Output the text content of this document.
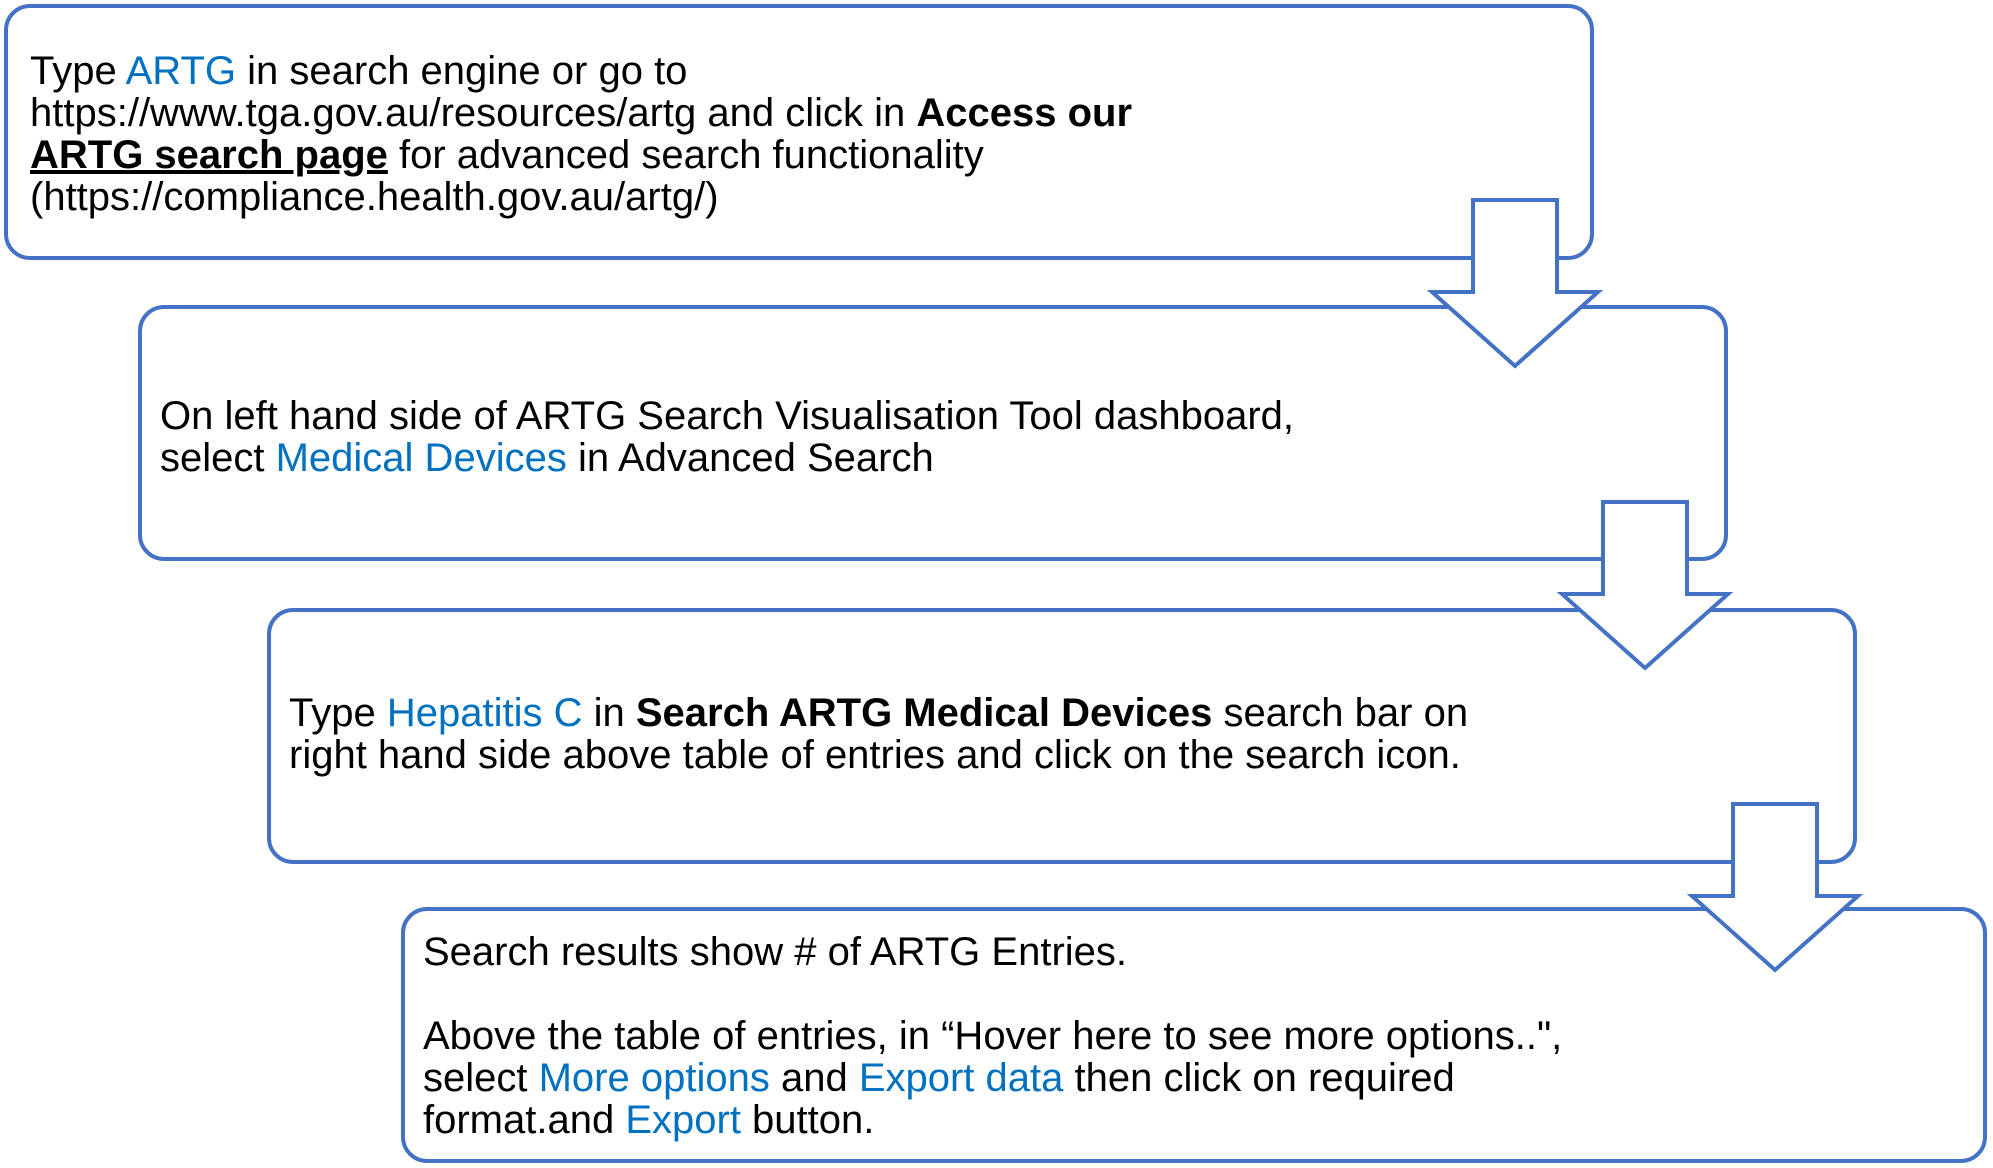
Type ARTG in search engine or go to

https://www.tga.gov.au/resources/artg and click in Access our

ARTG search page for advanced search functionality

(https://compliance.health.gov.au/artg/)

On left hand side of ARTG Search Visualisation Tool dashboard,

select Medical Devices in Advanced Search

Type Hepatitis C in Search ARTG Medical Devices search bar on

right hand side above table of entries and click on the search icon.

Search results show # of ARTG Entries.

Above the table of entries, in “Hover here to see more options..",

select More options and Export data then click on required

format.and Export button.
